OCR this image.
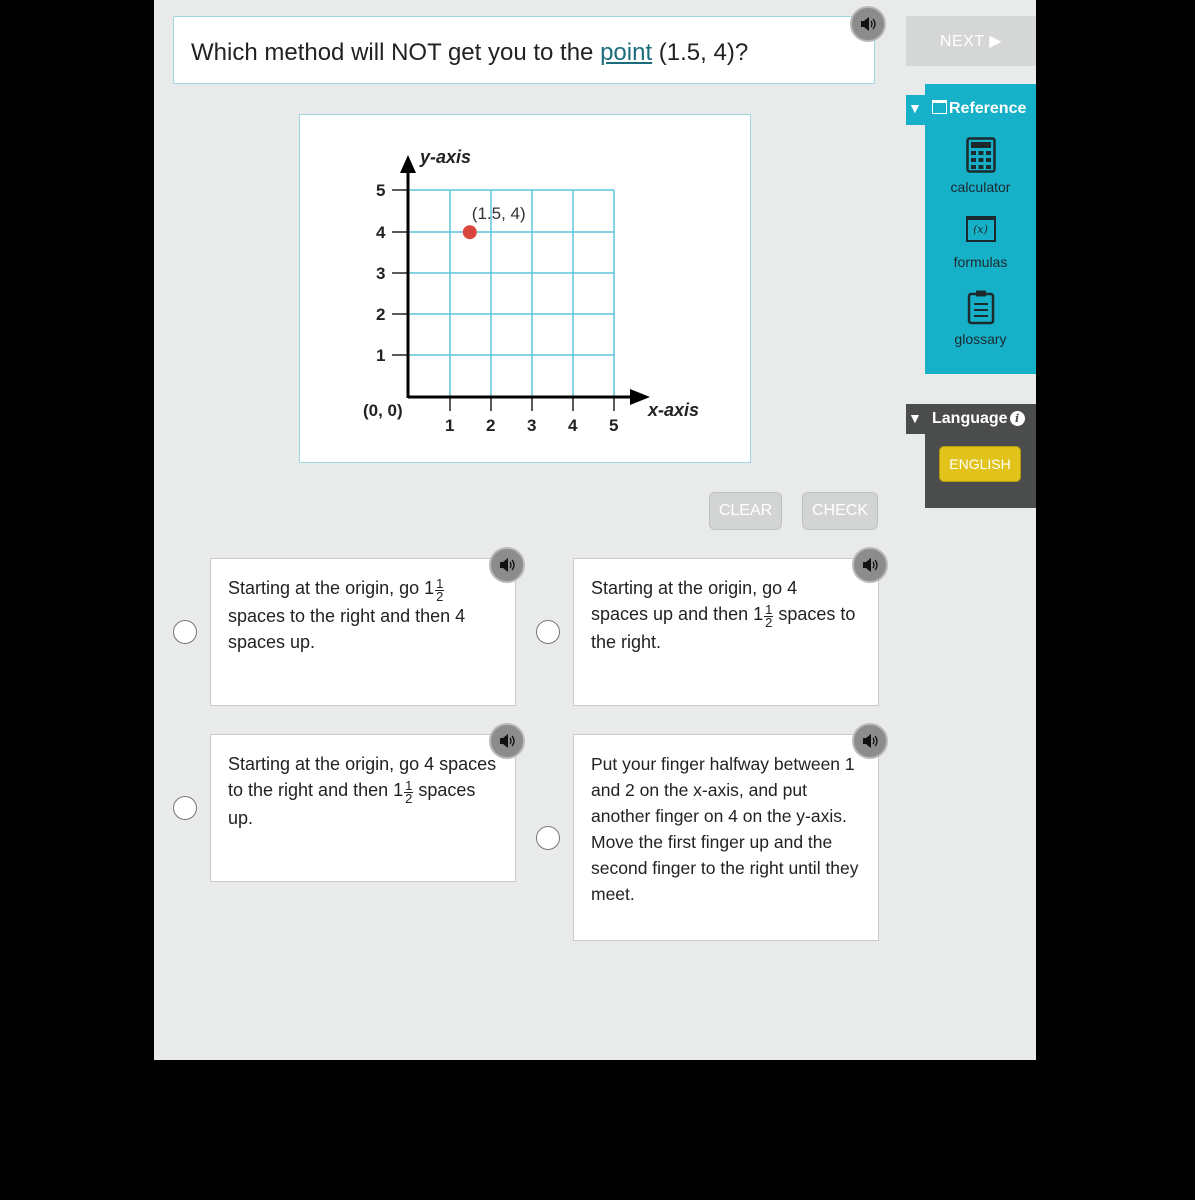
Which method will NOT get you to the point (1.5, 4)?	NEXT ▶
5
4
3
2
1
1 2 3 4 5
(0, 0)	x-axis
y-axis
(1.5, 4)
▼ Reference
calculator
(x)
formulas
glossary
▼ Language i
ENGLISH
CLEAR	CHECK
Starting at the origin, go $1 \frac{1}{2}$
spaces to the right and then 4 spaces up.
Starting at the origin, go 4 spaces up and then $1 \frac{1}{2}$ spaces to the right.
Starting at the origin, go 4 spaces to the right and then $1 \frac{1}{2}$ spaces up.
Put your finger halfway between 1 and 2 on the x-axis, and put another finger on 4 on the y-axis. Move the first finger up and the second finger to the right until they meet.
